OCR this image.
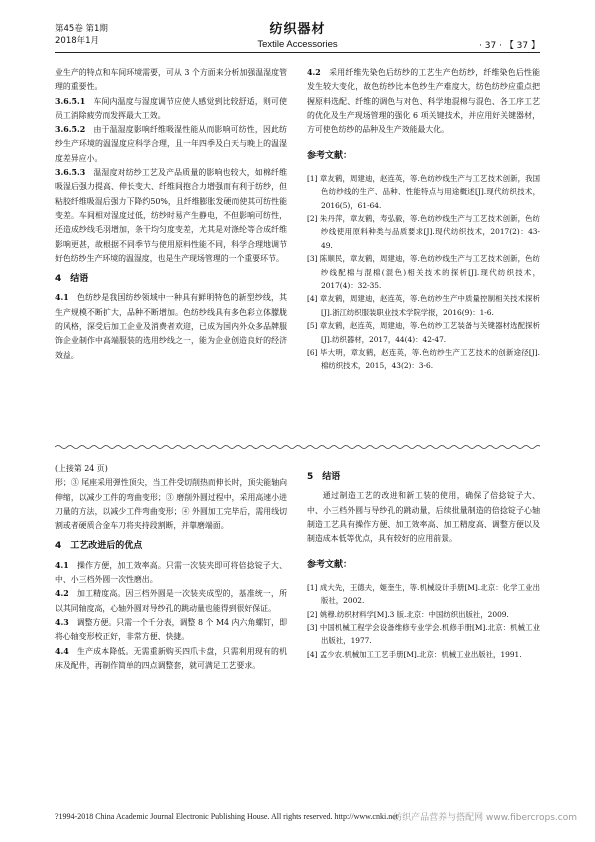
第45卷 第1期
2018年1月
纺织器材
Textile Accessories	· 37 · 【 37 】

业生产的特点和车间环境需要，可从 3 个方面来分析加强温湿度管理的重要性。

3.6.5.1　 车间内温度与湿度调节应使人感觉到比较舒适，则可使员工消除疲劳而发挥最大工效。

3.6.5.2　 由于温湿度影响纤维吸湿性能从而影响可纺性，因此纺纱生产环境的温湿度应科学合理，且一年四季及白天与晚上的温湿度差异应小。

3.6.5.3　 温湿度对纺纱工艺及产品质量的影响也较大，如棉纤维吸湿后强力提高、伸长变大、纤维间抱合力增强而有利于纺纱，但粘胶纤维吸湿后强力下降约50%，且纤维膨胀发硬而使其可纺性能变差。车间相对湿度过低，纺纱时易产生静电，不但影响可纺性，还造成纱线毛羽增加，条干均匀度变差，尤其是对涤纶等合成纤维影响更甚，故根据不同季节与使用原料性能不同，科学合理地调节好色纺纱生产环境的温湿度，也是生产现场管理的一个重要环节。

4　结语

4.1　 色纺纱是我国纺纱领域中一种具有鲜明特色的新型纱线，其生产规模不断扩大，品种不断增加。色纺纱线具有多色彩立体朦胧的风格，深受后加工企业及消费者欢迎，已成为国内外众多品牌服饰企业制作中高端服装的选用纱线之一，能为企业创造良好的经济效益。

4.2　 采用纤维先染色后纺纱的工艺生产色纺纱，纤维染色后性能发生较大变化，故色纺纱比本色纱生产难度大，纺色纺纱应重点把握原料选配、纤维的调色与对色、科学地混棉与混色、各工序工艺的优化及生产现场管理的强化 6 项关键技术，并应用好关键器材，方可使色纺纱的品种及生产效能最大化。

参考文献：

[1] 章友鹤，周建迪，赵连英，等.色纺纱线生产与工艺技术创新，我国色纺纱线的生产、品种、性能特点与用途概述[J].现代纺织技术，2016(5)，61-64.

[2] 朱丹萍，章友鹤，寿弘毅，等.色纺纱线生产与工艺技术创新，色纺纱线使用原料种类与品质要求[J].现代纺织技术，2017(2)：43-49.

[3] 陈顺民，章友鹤，周建迪，等.色纺纱线生产与工艺技术创新，色纺纱线配棉与混棉(混色)相关技术的探析[J].现代纺织技术，2017(4)：32-35.

[4] 章友鹤，周建迪，赵连英，等.色纺纱生产中质量控制相关技术探析[J].浙江纺织服装职业技术学院学报，2016(9)：1-6.

[5] 章友鹤，赵连英，周建迪，等.色纺纱工艺装备与关键器材选配探析[J].纺织器材，2017，44(4)：42-47.

[6] 毕大明，章友鹤，赵连英，等.色纺纱生产工艺技术的创新途径[J].棉纺织技术，2015，43(2)：3-6.

(上接第 24 页)

形；③ 尾座采用弹性顶尖，当工件受切削热而伸长时，顶尖能轴向伸缩，以减少工件的弯曲变形；③ 磨削外圆过程中，采用高速小进刀量的方法，以减少工件弯曲变形；④ 外圆加工完毕后，需用线切割或者硬质合金车刀将夹持段割断，并靠磨端面。

4　工艺改进后的优点

4.1　 操作方便，加工效率高。只需一次装夹即可将倍捻锭子大、中、小三档外圆一次性磨出。

4.2　 加工精度高。因三档外圆是一次装夹成型的，基准统一，所以其同轴度高，心轴外圆对导纱孔的跳动量也能得到很好保证。

4.3　 调整方便。只需一个千分表，调整 8 个 M4 内六角螺钉，即将心轴变形校正好，非常方便、快捷。

4.4　 生产成本降低。无需重新购买四爪卡盘，只需利用现有的机床及配件，再制作简单的四点调整套，就可满足工艺要求。

5　结语

通过制造工艺的改进和新工装的使用，确保了倍捻锭子大、中、小三档外圆与导纱孔的跳动量，后续批量制造的倍捻锭子心轴制造工艺具有操作方便、加工效率高、加工精度高、调整方便以及制造成本低等优点，具有较好的应用前景。

参考文献：

[1] 成大先，王德夫，姬奎生，等.机械设计手册[M].北京：化学工业出版社，2002.

[2] 姚穆.纺织材料学[M].3 版.北京：中国纺织出版社，2009.

[3] 中国机械工程学会设备维修专业学会.机修手册[M].北京：机械工业出版社，1977.

[4] 孟少农.机械加工工艺手册[M].北京：机械工业出版社，1991.

?1994-2018 China Academic Journal Electronic Publishing House. All rights reserved. http://www.cnki.net
纺织产品营养与搭配网 www.fibercrops.com
